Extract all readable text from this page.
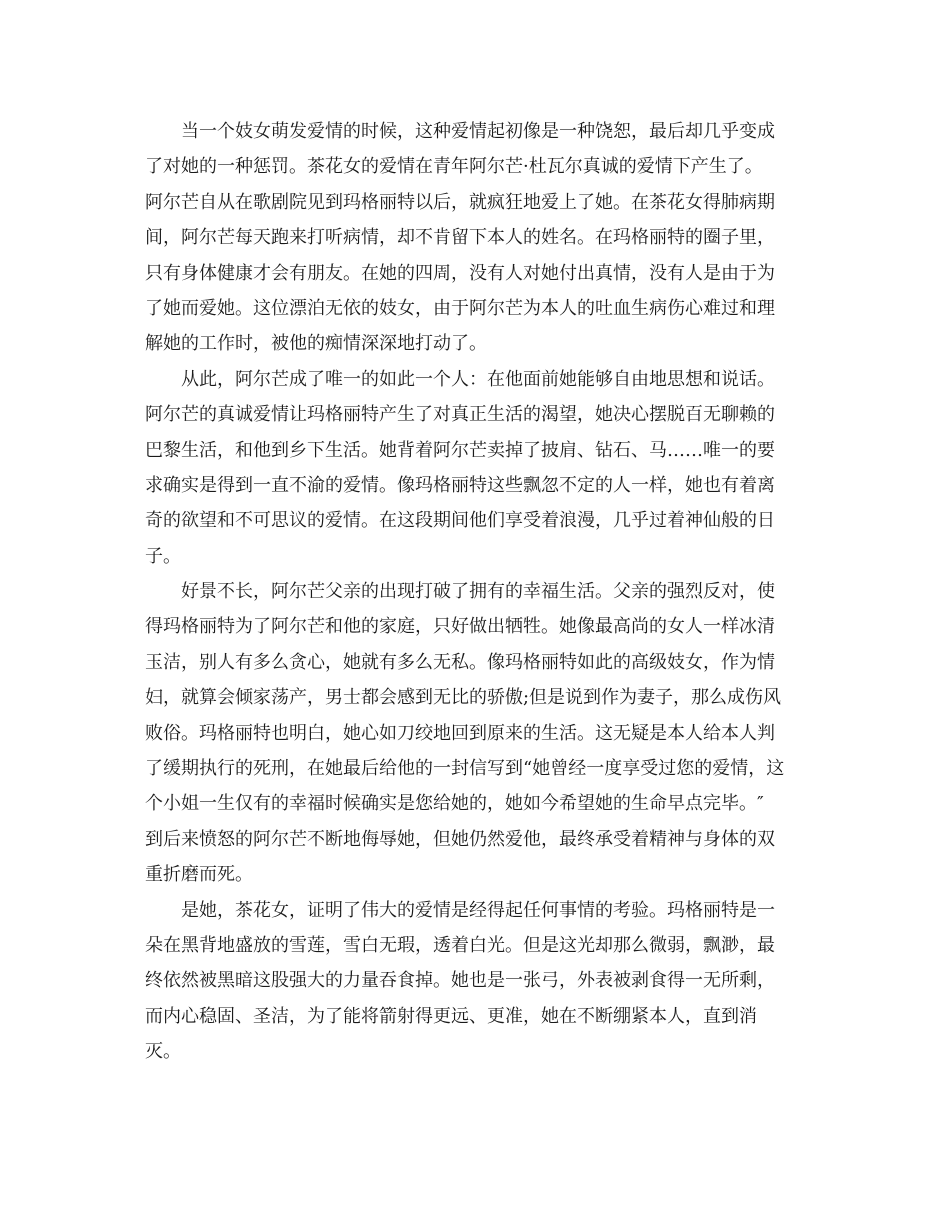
当一个妓女萌发爱情的时候，这种爱情起初像是一种饶恕，最后却几乎变成
了对她的一种惩罚。茶花女的爱情在青年阿尔芒·杜瓦尔真诚的爱情下产生了。
阿尔芒自从在歌剧院见到玛格丽特以后，就疯狂地爱上了她。在茶花女得肺病期
间，阿尔芒每天跑来打听病情，却不肯留下本人的姓名。在玛格丽特的圈子里，
只有身体健康才会有朋友。在她的四周，没有人对她付出真情，没有人是由于为
了她而爱她。这位漂泊无依的妓女，由于阿尔芒为本人的吐血生病伤心难过和理
解她的工作时，被他的痴情深深地打动了。
从此，阿尔芒成了唯一的如此一个人：在他面前她能够自由地思想和说话。
阿尔芒的真诚爱情让玛格丽特产生了对真正生活的渴望，她决心摆脱百无聊赖的
巴黎生活，和他到乡下生活。她背着阿尔芒卖掉了披肩、钻石、马……唯一的要
求确实是得到一直不渝的爱情。像玛格丽特这些飘忽不定的人一样，她也有着离
奇的欲望和不可思议的爱情。在这段期间他们享受着浪漫，几乎过着神仙般的日
子。
好景不长，阿尔芒父亲的出现打破了拥有的幸福生活。父亲的强烈反对，使
得玛格丽特为了阿尔芒和他的家庭，只好做出牺牲。她像最高尚的女人一样冰清
玉洁，别人有多么贪心，她就有多么无私。像玛格丽特如此的高级妓女，作为情
妇，就算会倾家荡产，男士都会感到无比的骄傲;但是说到作为妻子，那么成伤风
败俗。玛格丽特也明白，她心如刀绞地回到原来的生活。这无疑是本人给本人判
了缓期执行的死刑，在她最后给他的一封信写到“她曾经一度享受过您的爱情，这
个小姐一生仅有的幸福时候确实是您给她的，她如今希望她的生命早点完毕。″
到后来愤怒的阿尔芒不断地侮辱她，但她仍然爱他，最终承受着精神与身体的双
重折磨而死。
是她，茶花女，证明了伟大的爱情是经得起任何事情的考验。玛格丽特是一
朵在黑背地盛放的雪莲，雪白无瑕，透着白光。但是这光却那么微弱，飘渺，最
终依然被黑暗这股强大的力量吞食掉。她也是一张弓，外表被剥食得一无所剩，
而内心稳固、圣洁，为了能将箭射得更远、更准，她在不断绷紧本人，直到消
灭。
